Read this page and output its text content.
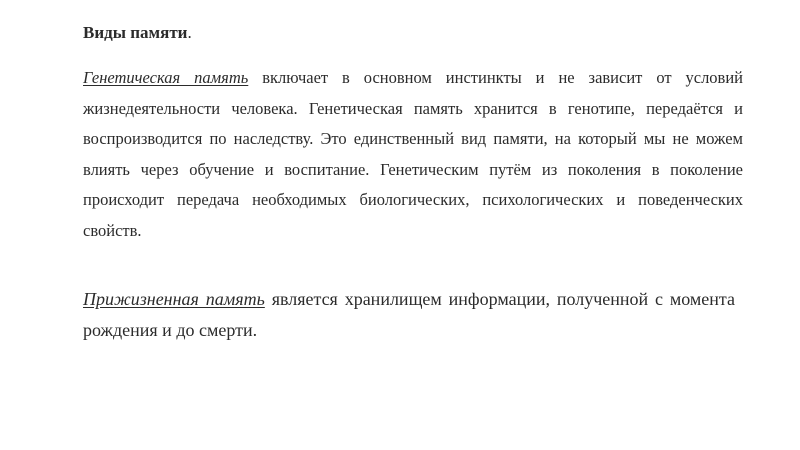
Виды памяти.

Генетическая память включает в основном инстинкты и не зависит от условий жизнедеятельности человека. Генетическая память хранится в генотипе, передаётся и воспроизводится по наследству. Это единственный вид памяти, на который мы не можем влиять через обучение и воспитание. Генетическим путём из поколения в поколение происходит передача необходимых биологических, психологических и поведенческих свойств.

Прижизненная память является хранилищем информации, полученной с момента рождения и до смерти.
